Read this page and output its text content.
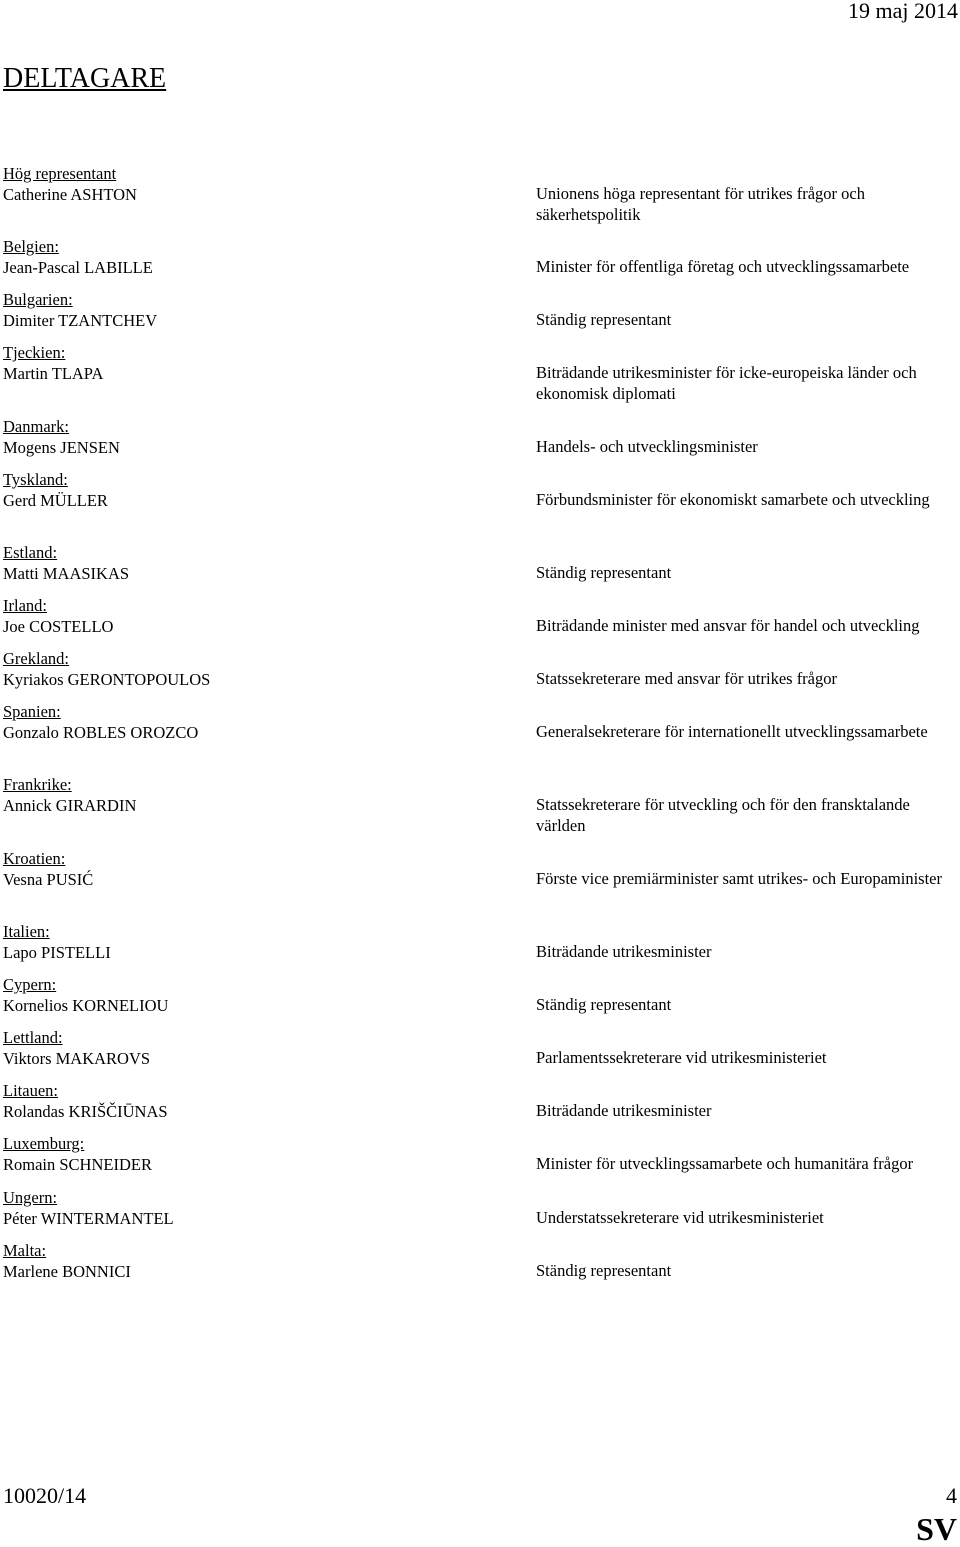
19 maj 2014
DELTAGARE
Hög representant
Catherine ASHTON	Unionens höga representant för utrikes frågor och säkerhetspolitik
Belgien:
Jean-Pascal LABILLE	Minister för offentliga företag och utvecklingssamarbete
Bulgarien:
Dimiter TZANTCHEV	Ständig representant
Tjeckien:
Martin TLAPA	Biträdande utrikesminister för icke-europeiska länder och ekonomisk diplomati
Danmark:
Mogens JENSEN	Handels- och utvecklingsminister
Tyskland:
Gerd MÜLLER	Förbundsminister för ekonomiskt samarbete och utveckling
Estland:
Matti MAASIKAS	Ständig representant
Irland:
Joe COSTELLO	Biträdande minister med ansvar för handel och utveckling
Grekland:
Kyriakos GERONTOPOULOS	Statssekreterare med ansvar för utrikes frågor
Spanien:
Gonzalo ROBLES OROZCO	Generalsekreterare för internationellt utvecklingssamarbete
Frankrike:
Annick GIRARDIN	Statssekreterare för utveckling och för den fransktalande världen
Kroatien:
Vesna PUSIĆ	Förste vice premiärminister samt utrikes- och Europaminister
Italien:
Lapo PISTELLI	Biträdande utrikesminister
Cypern:
Kornelios KORNELIOU	Ständig representant
Lettland:
Viktors MAKAROVS	Parlamentssekreterare vid utrikesministeriet
Litauen:
Rolandas KRIŠČIŪNAS	Biträdande utrikesminister
Luxemburg:
Romain SCHNEIDER	Minister för utvecklingssamarbete och humanitära frågor
Ungern:
Péter WINTERMANTEL	Understatssekreterare vid utrikesministeriet
Malta:
Marlene BONNICI	Ständig representant
10020/14	4
SV
